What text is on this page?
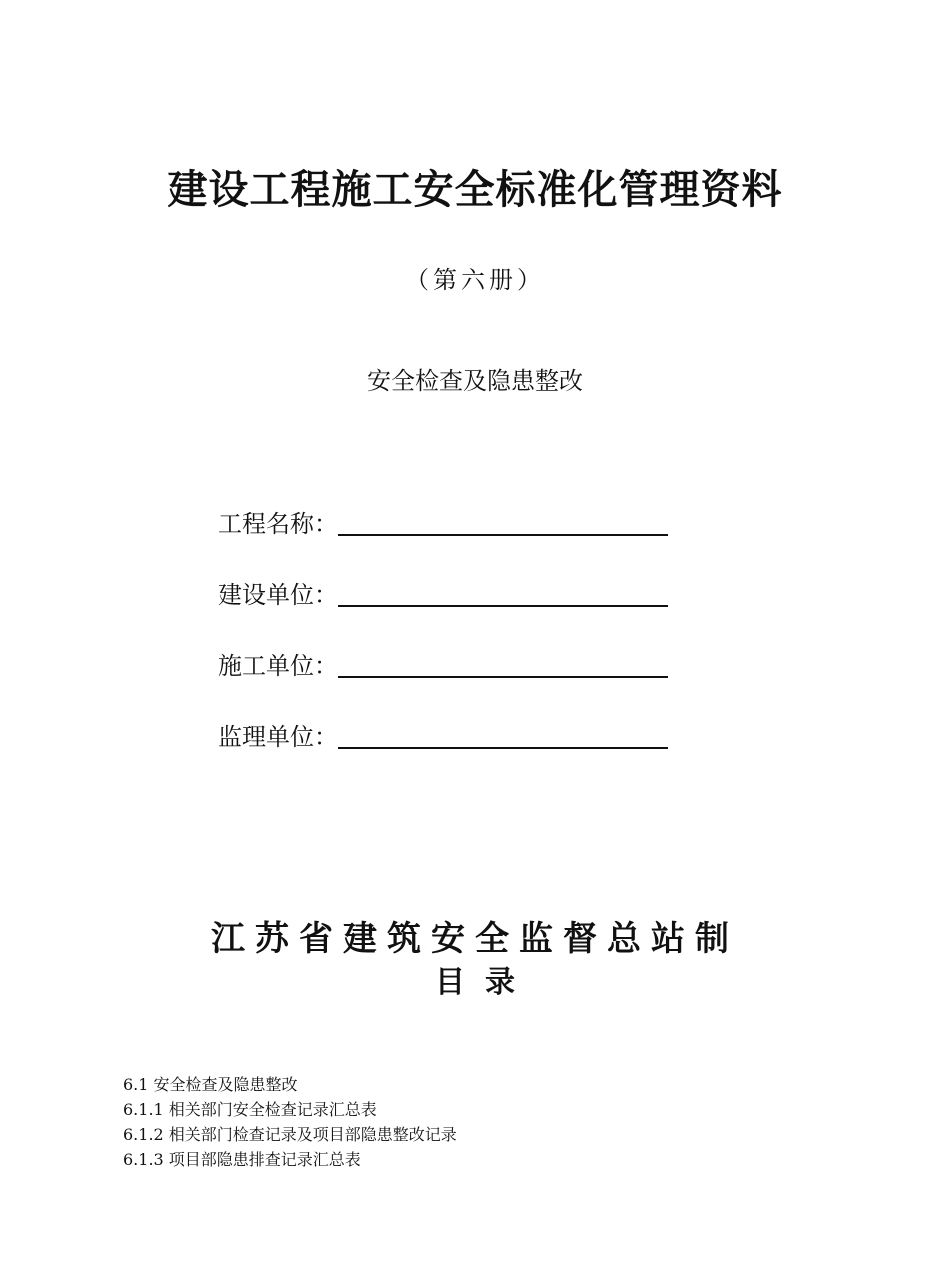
建设工程施工安全标准化管理资料
（第六册）
安全检查及隐患整改
工程名称：
建设单位：
施工单位：
监理单位：
江苏省建筑安全监督总站制
目录
6.1 安全检查及隐患整改
6.1.1 相关部门安全检查记录汇总表
6.1.2 相关部门检查记录及项目部隐患整改记录
6.1.3 项目部隐患排查记录汇总表
